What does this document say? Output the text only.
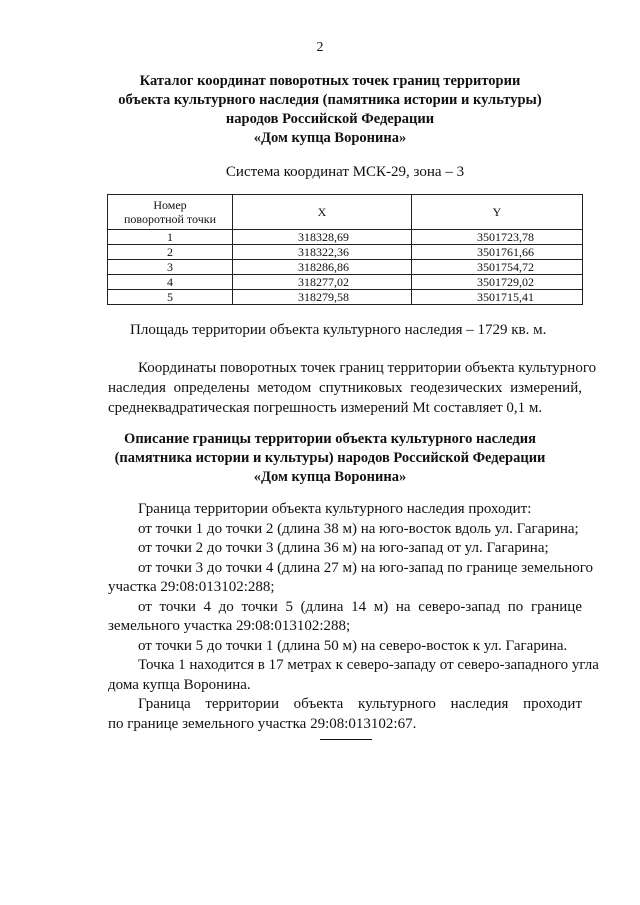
2
Каталог координат поворотных точек границ территории
объекта культурного наследия (памятника истории и культуры)
народов Российской Федерации
«Дом купца Воронина»
Система координат МСК-29, зона – 3
Номер
поворотной точки	X	Y
1	318328,69	3501723,78
2	318322,36	3501761,66
3	318286,86	3501754,72
4	318277,02	3501729,02
5	318279,58	3501715,41
Площадь территории объекта культурного наследия – 1729 кв. м.
Координаты поворотных точек границ территории объекта культурного
наследия определены методом спутниковых геодезических измерений,
среднеквадратическая погрешность измерений Мt составляет 0,1 м.
Описание границы территории объекта культурного наследия
(памятника истории и культуры) народов Российской Федерации
«Дом купца Воронина»
Граница территории объекта культурного наследия проходит:
от точки 1 до точки 2 (длина 38 м) на юго-восток вдоль ул. Гагарина;
от точки 2 до точки 3 (длина 36 м) на юго-запад от ул. Гагарина;
от точки 3 до точки 4 (длина 27 м) на юго-запад по границе земельного
участка 29:08:013102:288;
от точки 4 до точки 5 (длина 14 м) на северо-запад по границе
земельного участка 29:08:013102:288;
от точки 5 до точки 1 (длина 50 м) на северо-восток к ул. Гагарина.
Точка 1 находится в 17 метрах к северо-западу от северо-западного угла
дома купца Воронина.
Граница территории объекта культурного наследия проходит
по границе земельного участка 29:08:013102:67.
